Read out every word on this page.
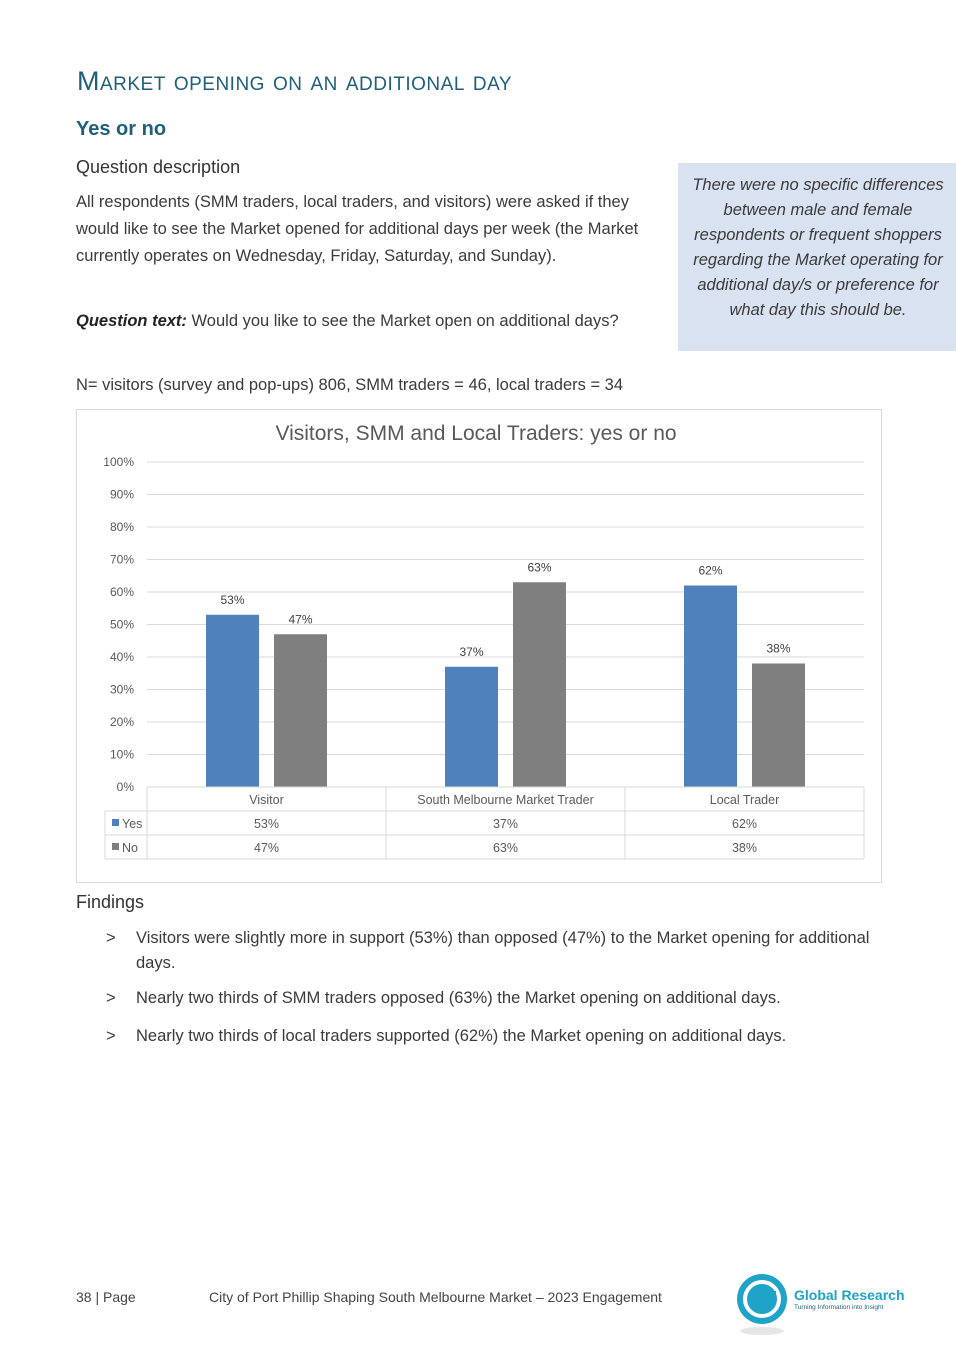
Market opening on an additional day
Yes or no
Question description
All respondents (SMM traders, local traders, and visitors) were asked if they would like to see the Market opened for additional days per week (the Market currently operates on Wednesday, Friday, Saturday, and Sunday).
Question text: Would you like to see the Market open on additional days?
N= visitors (survey and pop-ups) 806, SMM traders = 46, local traders = 34
There were no specific differences between male and female respondents or frequent shoppers regarding the Market operating for additional day/s or preference for what day this should be.
Visitors, SMM and Local Traders: yes or no
0%
10%
20%
30%
40%
50%
60%
70%
80%
90%
100%
53%
47%
37%
63%	62%
38%
Visitor	South Melbourne Market Trader	Local Trader
Yes	53%	37%	62%
No	47%	63%	38%
Findings
> Visitors were slightly more in support (53%) than opposed (47%) to the Market opening for additional days.
> Nearly two thirds of SMM traders opposed (63%) the Market opening on additional days.
> Nearly two thirds of local traders supported (62%) the Market opening on additional days.
38 | Page	City of Port Phillip Shaping South Melbourne Market – 2023 Engagement	Global Research
Turning Information into Insight
